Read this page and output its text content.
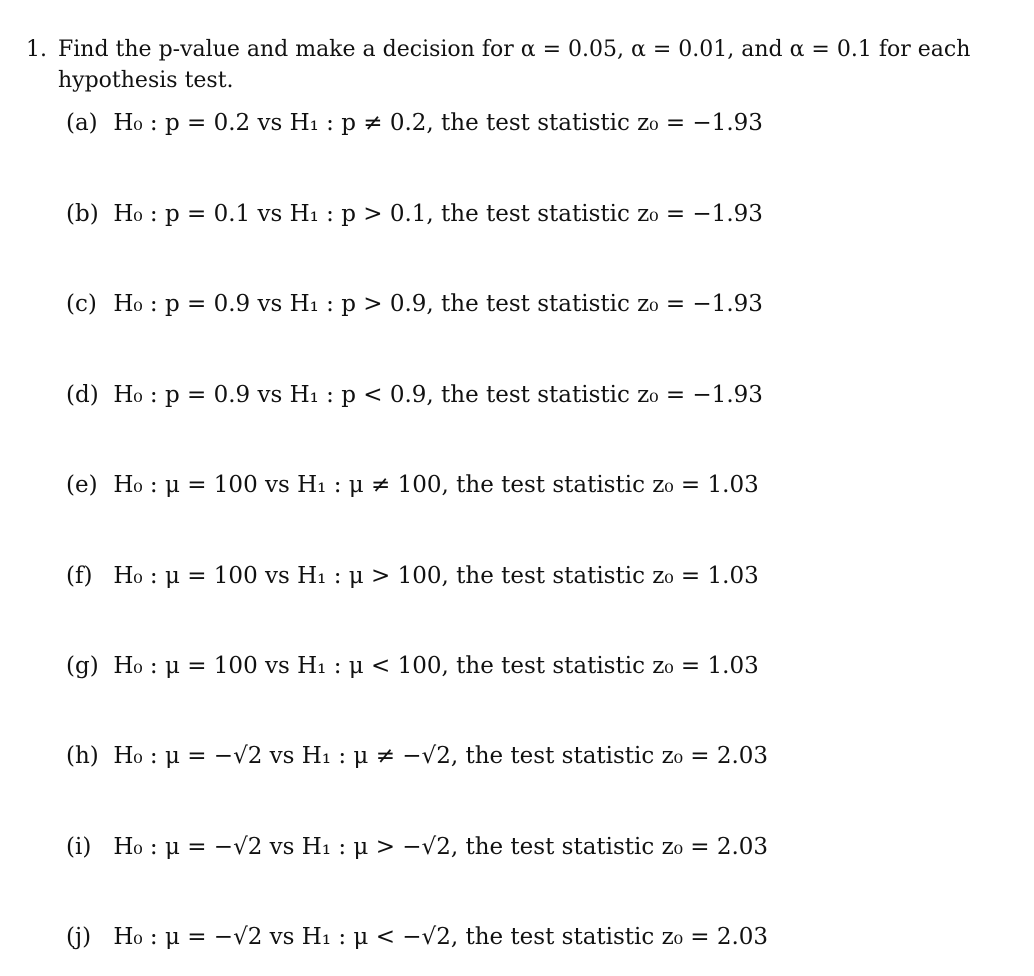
1. Find the p-value and make a decision for α = 0.05, α = 0.01, and α = 0.1 for each
hypothesis test.
(a) H₀ : p = 0.2 vs H₁ : p ≠ 0.2, the test statistic z₀ = −1.93
(b) H₀ : p = 0.1 vs H₁ : p > 0.1, the test statistic z₀ = −1.93
(c) H₀ : p = 0.9 vs H₁ : p > 0.9, the test statistic z₀ = −1.93
(d) H₀ : p = 0.9 vs H₁ : p < 0.9, the test statistic z₀ = −1.93
(e) H₀ : μ = 100 vs H₁ : μ ≠ 100, the test statistic z₀ = 1.03
(f) H₀ : μ = 100 vs H₁ : μ > 100, the test statistic z₀ = 1.03
(g) H₀ : μ = 100 vs H₁ : μ < 100, the test statistic z₀ = 1.03
(h) H₀ : μ = −√2 vs H₁ : μ ≠ −√2, the test statistic z₀ = 2.03
(i) H₀ : μ = −√2 vs H₁ : μ > −√2, the test statistic z₀ = 2.03
(j) H₀ : μ = −√2 vs H₁ : μ < −√2, the test statistic z₀ = 2.03
